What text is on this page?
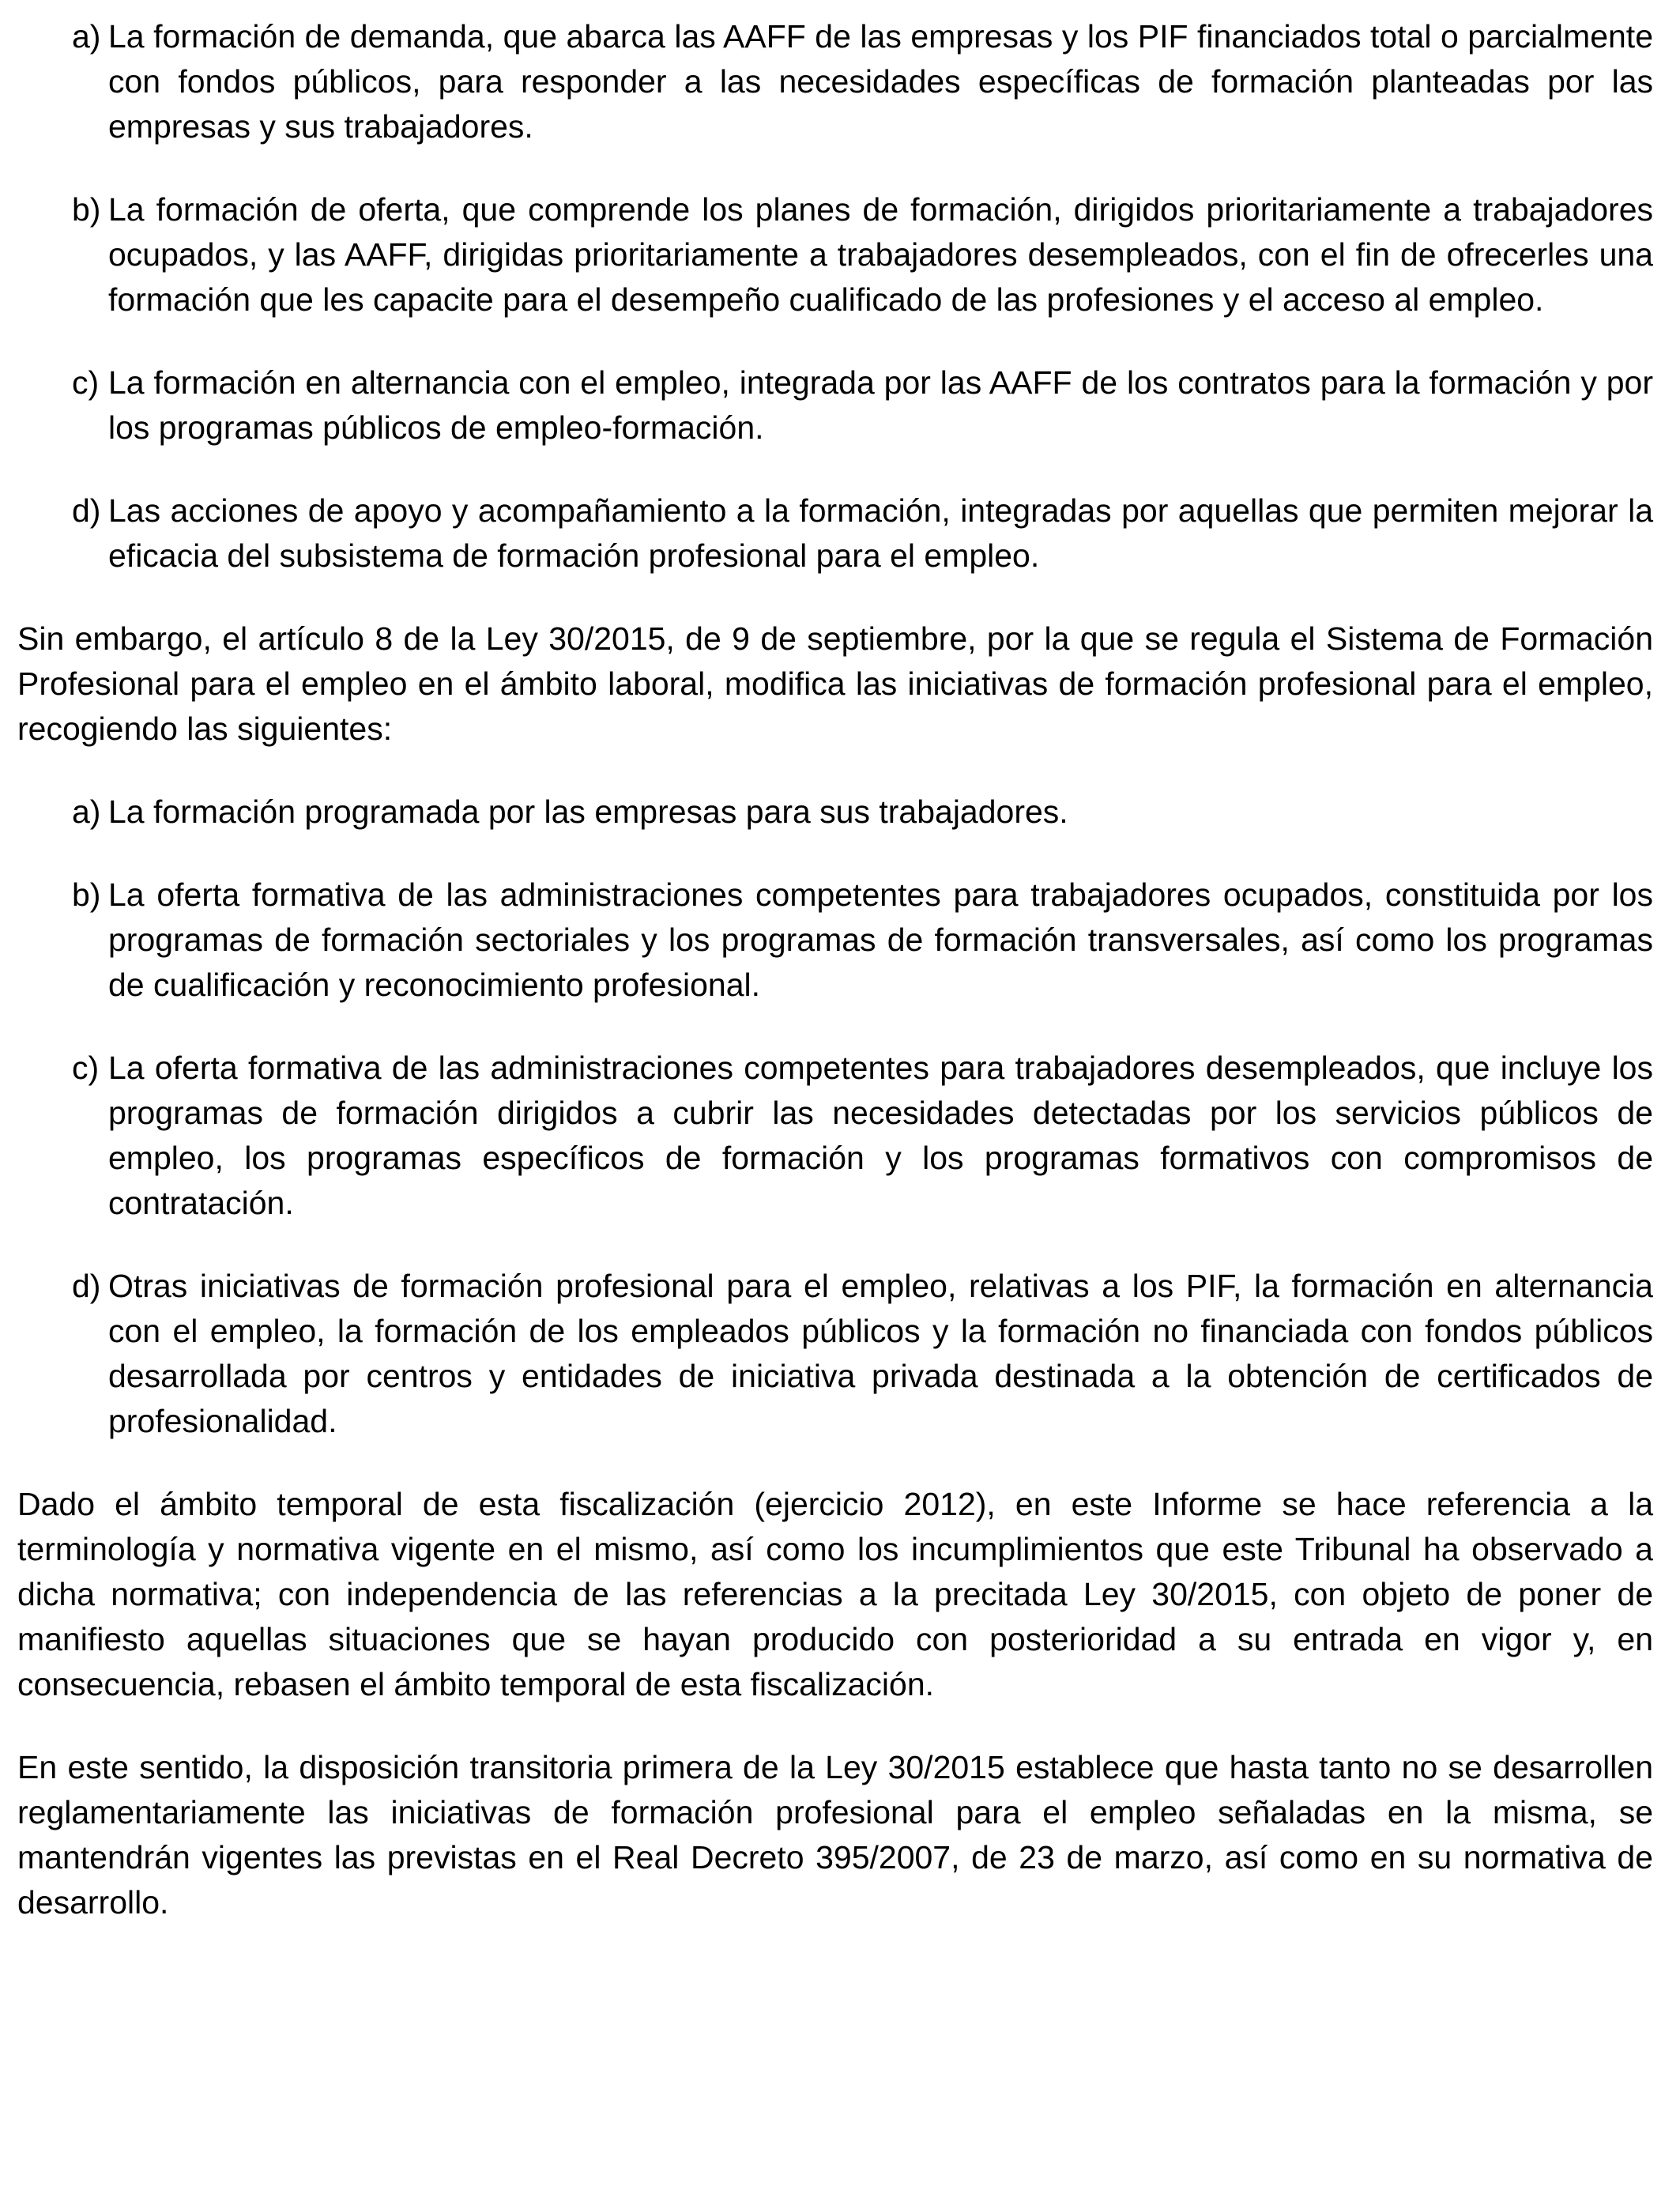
a) La formación de demanda, que abarca las AAFF de las empresas y los PIF financiados total o parcialmente con fondos públicos, para responder a las necesidades específicas de formación planteadas por las empresas y sus trabajadores.
b) La formación de oferta, que comprende los planes de formación, dirigidos prioritariamente a trabajadores ocupados, y las AAFF, dirigidas prioritariamente a trabajadores desempleados, con el fin de ofrecerles una formación que les capacite para el desempeño cualificado de las profesiones y el acceso al empleo.
c) La formación en alternancia con el empleo, integrada por las AAFF de los contratos para la formación y por los programas públicos de empleo-formación.
d) Las acciones de apoyo y acompañamiento a la formación, integradas por aquellas que permiten mejorar la eficacia del subsistema de formación profesional para el empleo.

Sin embargo, el artículo 8 de la Ley 30/2015, de 9 de septiembre, por la que se regula el Sistema de Formación Profesional para el empleo en el ámbito laboral, modifica las iniciativas de formación profesional para el empleo, recogiendo las siguientes:

a) La formación programada por las empresas para sus trabajadores.
b) La oferta formativa de las administraciones competentes para trabajadores ocupados, constituida por los programas de formación sectoriales y los programas de formación transversales, así como los programas de cualificación y reconocimiento profesional.
c) La oferta formativa de las administraciones competentes para trabajadores desempleados, que incluye los programas de formación dirigidos a cubrir las necesidades detectadas por los servicios públicos de empleo, los programas específicos de formación y los programas formativos con compromisos de contratación.
d) Otras iniciativas de formación profesional para el empleo, relativas a los PIF, la formación en alternancia con el empleo, la formación de los empleados públicos y la formación no financiada con fondos públicos desarrollada por centros y entidades de iniciativa privada destinada a la obtención de certificados de profesionalidad.

Dado el ámbito temporal de esta fiscalización (ejercicio 2012), en este Informe se hace referencia a la terminología y normativa vigente en el mismo, así como los incumplimientos que este Tribunal ha observado a dicha normativa; con independencia de las referencias a la precitada Ley 30/2015, con objeto de poner de manifiesto aquellas situaciones que se hayan producido con posterioridad a su entrada en vigor y, en consecuencia, rebasen el ámbito temporal de esta fiscalización.

En este sentido, la disposición transitoria primera de la Ley 30/2015 establece que hasta tanto no se desarrollen reglamentariamente las iniciativas de formación profesional para el empleo señaladas en la misma, se mantendrán vigentes las previstas en el Real Decreto 395/2007, de 23 de marzo, así como en su normativa de desarrollo.
